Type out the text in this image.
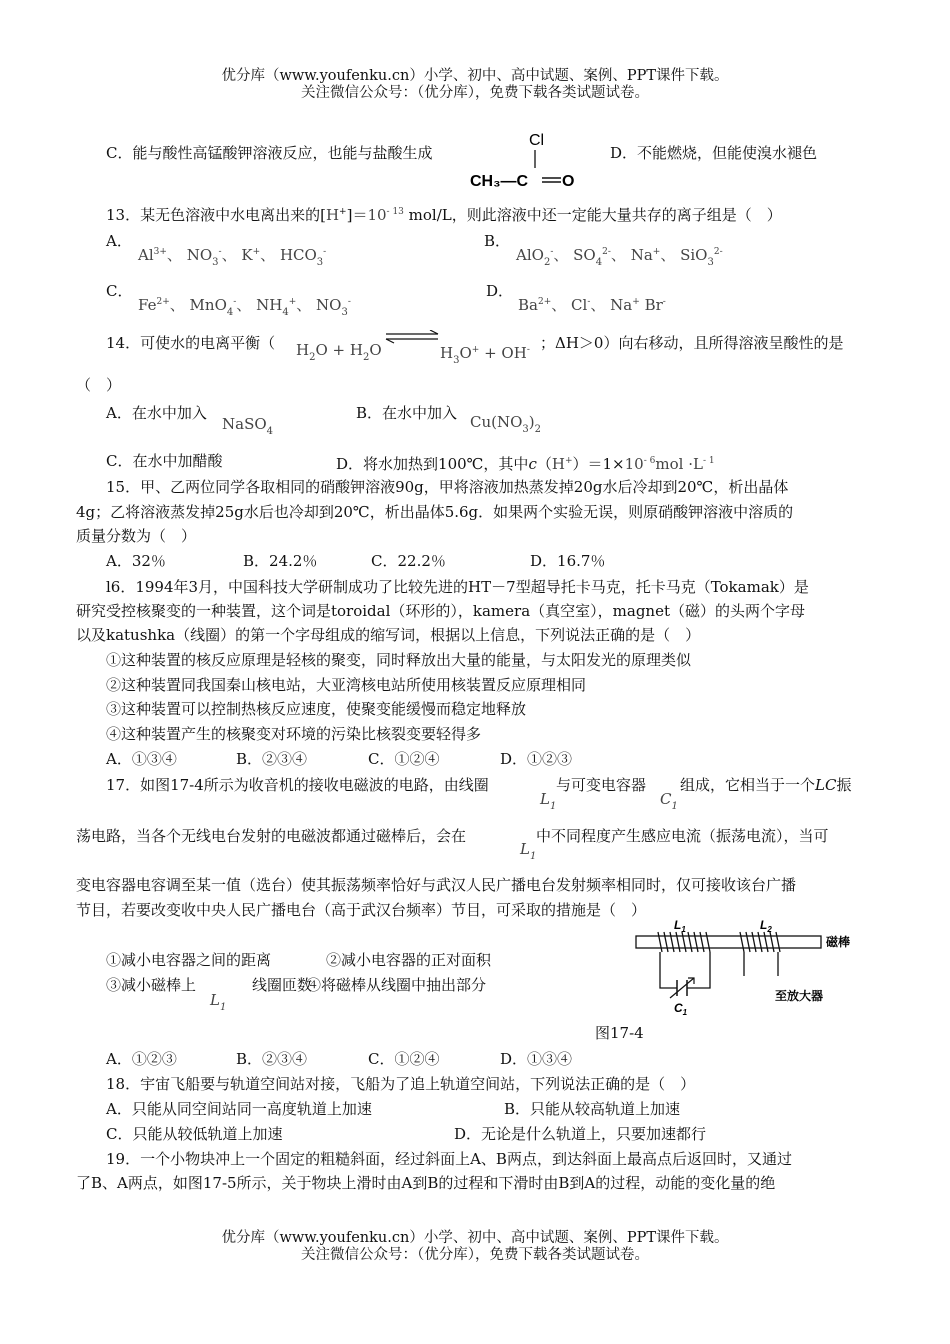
优分库（www.youfenku.cn）小学、初中、高中试题、案例、PPT课件下载。
关注微信公众号：（优分库），免费下载各类试题试卷。
C．能与酸性高锰酸钾溶液反应，也能与盐酸生成
Cl
CH₃—C O
D．不能燃烧，但能使溴水褪色
13．某无色溶液中水电离出来的$[H^+]=10^{- 13}$ mol/L，则此溶液中还一定能大量共存的离子组是（　）
A．
$Al^{3+}$、 $NO_3^-$、 K+、 $HCO_3^-$
B．
AlO$_2$-、 $SO_4^{2-}$、 Na+、 SiO$_3^{2-}$
C．
$Fe^{2+}$、 MnO$_4$-、 $NH_4^+$、 $NO_3^-$
D．
$Ba^{2+}$、 Cl-、 Na+ Br-
14．可使水的电离平衡（ $H_2O + H_2O$	$H_3O^+ + OH^-$ ；ΔH＞0）向右移动，且所得溶液呈酸性的是
（　）
A．在水中加入
NaSO$_4$
B．在水中加入 $Cu(NO_3)_2$
C．在水中加醋酸	D．将水加热到100℃，其中$c(H^+)=1\times 10^{- 6}mol \cdot L^{- 1}$
15．甲、乙两位同学各取相同的硝酸钾溶液90g，甲将溶液加热蒸发掉20g水后冷却到20℃，析出晶体
4g；乙将溶液蒸发掉25g水后也冷却到20℃，析出晶体5.6g．如果两个实验无误，则原硝酸钾溶液中溶质的
质量分数为（　）
A．32％	B．24.2％	C．22.2％	D．16.7％
l6．1994年3月，中国科技大学研制成功了比较先进的HT－7型超导托卡马克，托卡马克（Tokamak）是
研究受控核聚变的一种装置，这个词是toroidal（环形的），kamera（真空室），magnet（磁）的头两个字母
以及katushka（线圈）的第一个字母组成的缩写词，根据以上信息，下列说法正确的是（　）
①这种装置的核反应原理是轻核的聚变，同时释放出大量的能量，与太阳发光的原理类似
②这种装置同我国秦山核电站，大亚湾核电站所使用核装置反应原理相同
③这种装置可以控制热核反应速度，使聚变能缓慢而稳定地释放
④这种装置产生的核聚变对环境的污染比核裂变要轻得多
A．①③④	B．②③④	C．①②④	D．①②③
17．如图17-4所示为收音机的接收电磁波的电路，由线圈
$L_1$
与可变电容器
$C_1$
组成，它相当于一个LC振
荡电路，当各个无线电台发射的电磁波都通过磁棒后，会在
$L_1$
中不同程度产生感应电流（振荡电流），当可
变电容器电容调至某一值（选台）使其振荡频率恰好与武汉人民广播电台发射频率相同时，仅可接收该台广播
节目，若要改变收中央人民广播电台（高于武汉台频率）节目，可采取的措施是（　）
①减小电容器之间的距离	②减小电容器的正对面积
③减小磁棒上
$L_1$
线圈匝数
④将磁棒从线圈中抽出部分
$L_1$	$L_2$
磁棒
$C_1$
至放大器
图17-4
A．①②③	B．②③④	C．①②④	D．①③④
18．宇宙飞船要与轨道空间站对接，飞船为了追上轨道空间站，下列说法正确的是（　）
A．只能从同空间站同一高度轨道上加速	B．只能从较高轨道上加速
C．只能从较低轨道上加速	D．无论是什么轨道上，只要加速都行
19．一个小物块冲上一个固定的粗糙斜面，经过斜面上A、B两点，到达斜面上最高点后返回时，又通过
了B、A两点，如图17-5所示，关于物块上滑时由A到B的过程和下滑时由B到A的过程，动能的变化量的绝
优分库（www.youfenku.cn）小学、初中、高中试题、案例、PPT课件下载。
关注微信公众号：（优分库），免费下载各类试题试卷。
